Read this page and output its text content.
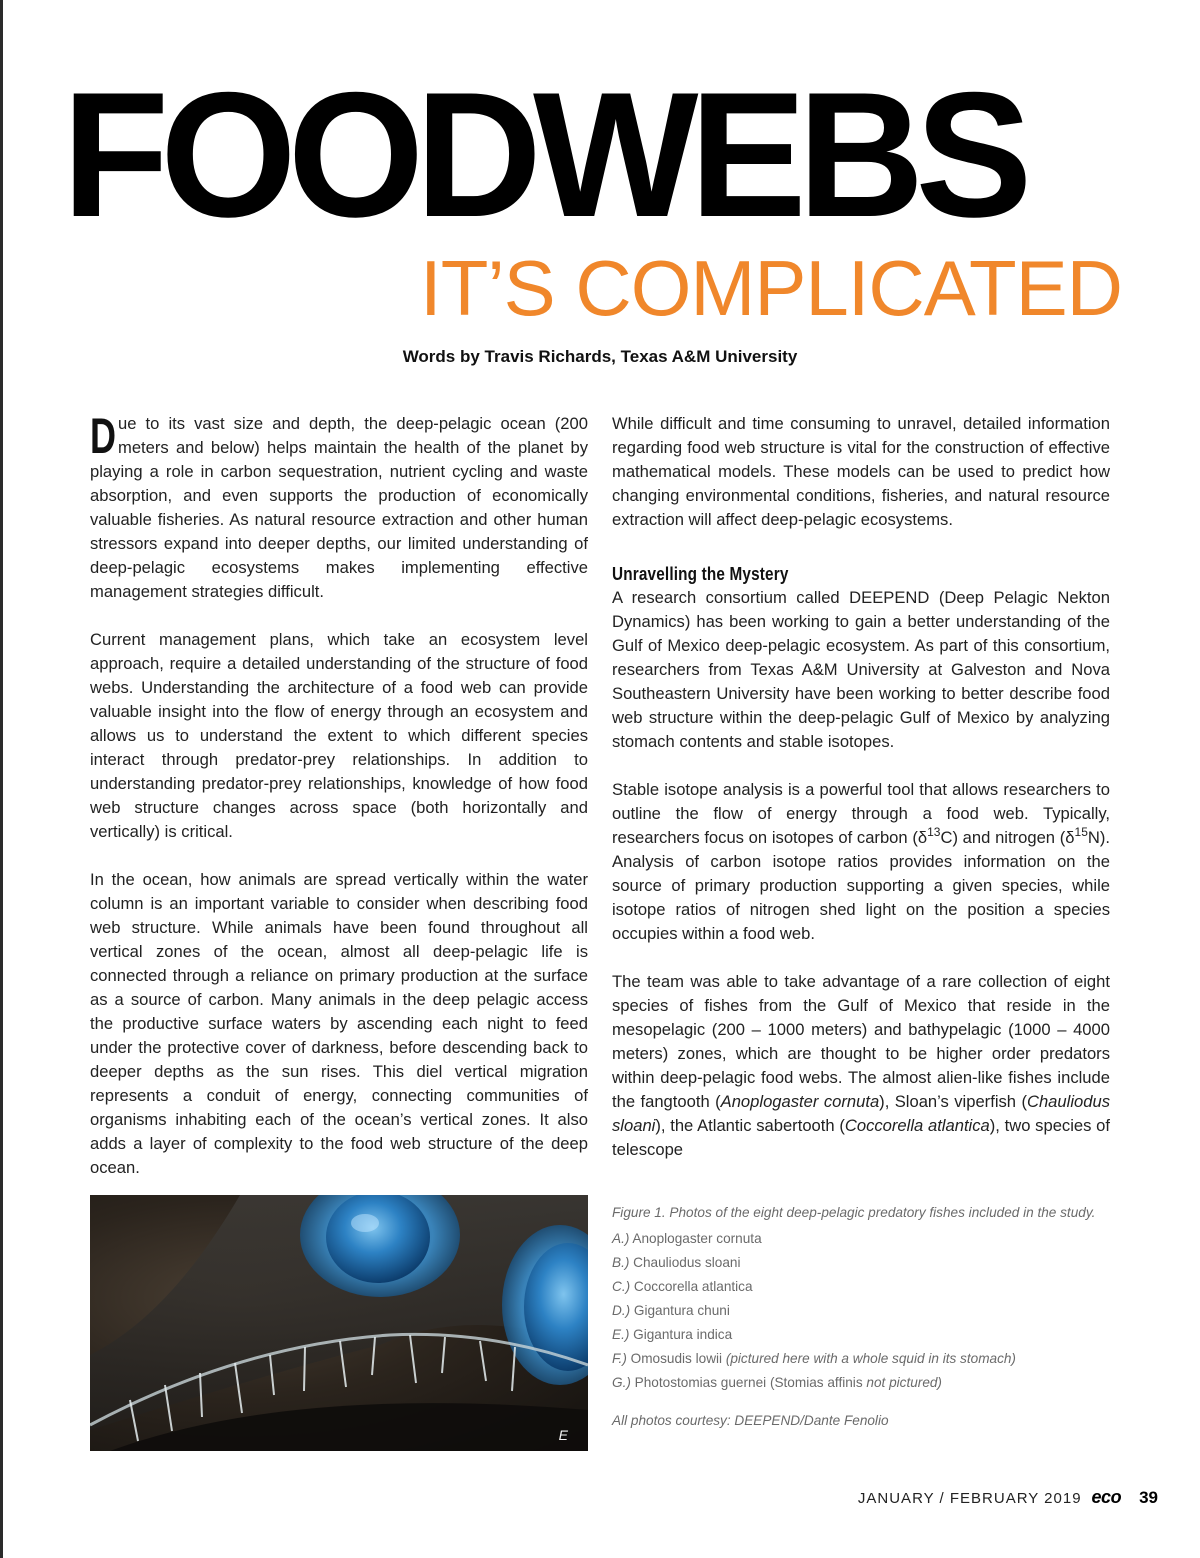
FOODWEBS
IT’S COMPLICATED
Words by Travis Richards, Texas A&M University

Due to its vast size and depth, the deep-pelagic ocean (200 meters and below) helps maintain the health of the planet by playing a role in carbon sequestration, nutrient cycling and waste absorption, and even supports the production of economically valuable fisheries. As natural resource extraction and other human stressors expand into deeper depths, our limited understanding of deep-pelagic ecosystems makes implementing effective management strategies difficult.

Current management plans, which take an ecosystem level approach, require a detailed understanding of the structure of food webs. Understanding the architecture of a food web can provide valuable insight into the flow of energy through an ecosystem and allows us to understand the extent to which different species interact through predator-prey relationships. In addition to understanding predator-prey relationships, knowledge of how food web structure changes across space (both horizontally and vertically) is critical.

In the ocean, how animals are spread vertically within the water column is an important variable to consider when describing food web structure. While animals have been found throughout all vertical zones of the ocean, almost all deep-pelagic life is connected through a reliance on primary production at the surface as a source of carbon. Many animals in the deep pelagic access the productive surface waters by ascending each night to feed under the protective cover of darkness, before descending back to deeper depths as the sun rises. This diel vertical migration represents a conduit of energy, connecting communities of organisms inhabiting each of the ocean’s vertical zones. It also adds a layer of complexity to the food web structure of the deep ocean.

While difficult and time consuming to unravel, detailed information regarding food web structure is vital for the construction of effective mathematical models. These models can be used to predict how changing environmental conditions, fisheries, and natural resource extraction will affect deep-pelagic ecosystems.

Unravelling the Mystery

A research consortium called DEEPEND (Deep Pelagic Nekton Dynamics) has been working to gain a better understanding of the Gulf of Mexico deep-pelagic ecosystem. As part of this consortium, researchers from Texas A&M University at Galveston and Nova Southeastern University have been working to better describe food web structure within the deep-pelagic Gulf of Mexico by analyzing stomach contents and stable isotopes.

Stable isotope analysis is a powerful tool that allows researchers to outline the flow of energy through a food web. Typically, researchers focus on isotopes of carbon $(\delta^{13}C)$ and nitrogen $(\delta^{15}N)$. Analysis of carbon isotope ratios provides information on the source of primary production supporting a given species, while isotope ratios of nitrogen shed light on the position a species occupies within a food web.

The team was able to take advantage of a rare collection of eight species of fishes from the Gulf of Mexico that reside in the mesopelagic (200 – 1000 meters) and bathypelagic (1000 – 4000 meters) zones, which are thought to be higher order predators within deep-pelagic food webs. The almost alien-like fishes include the fangtooth (Anoplogaster cornuta), Sloan’s viperfish (Chauliodus sloani), the Atlantic sabertooth (Coccorella atlantica), two species of telescope

E
Figure 1. Photos of the eight deep-pelagic predatory fishes included in the study.
A.) Anoplogaster cornuta
B.) Chauliodus sloani
C.) Coccorella atlantica
D.) Gigantura chuni
E.) Gigantura indica
F.) Omosudis lowii (pictured here with a whole squid in its stomach)
G.) Photostomias guernei (Stomias affinis not pictured)
All photos courtesy: DEEPEND/Dante Fenolio
JANUARY / FEBRUARY 2019 eco 39
